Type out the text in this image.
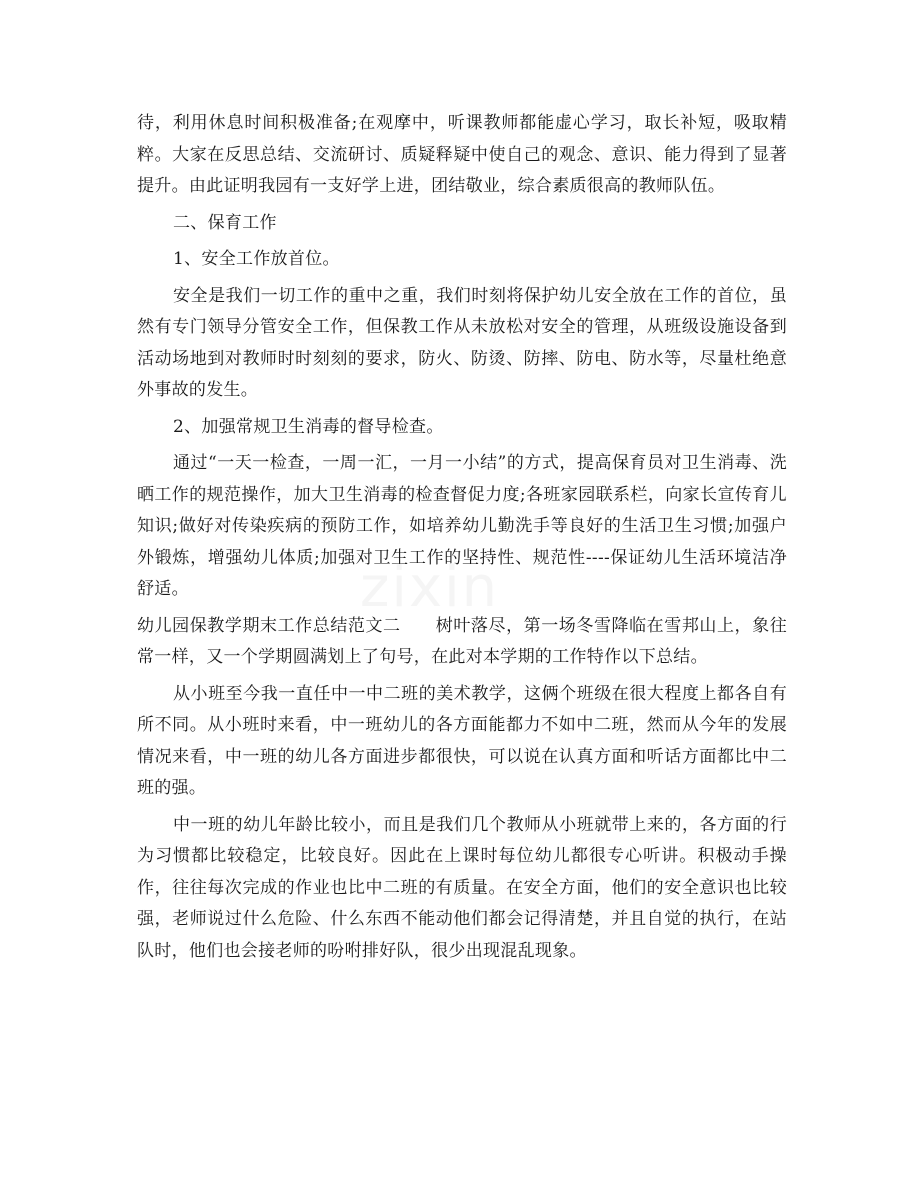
待，利用休息时间积极准备;在观摩中，听课教师都能虚心学习，取长补短，吸取精粹。大家在反思总结、交流研讨、质疑释疑中使自己的观念、意识、能力得到了显著提升。由此证明我园有一支好学上进，团结敬业，综合素质很高的教师队伍。

二、保育工作

1、安全工作放首位。

安全是我们一切工作的重中之重，我们时刻将保护幼儿安全放在工作的首位，虽然有专门领导分管安全工作，但保教工作从未放松对安全的管理，从班级设施设备到活动场地到对教师时时刻刻的要求，防火、防烫、防摔、防电、防水等，尽量杜绝意外事故的发生。

2、加强常规卫生消毒的督导检查。

通过“一天一检查，一周一汇，一月一小结”的方式，提高保育员对卫生消毒、洗晒工作的规范操作，加大卫生消毒的检查督促力度;各班家园联系栏，向家长宣传育儿知识;做好对传染疾病的预防工作，如培养幼儿勤洗手等良好的生活卫生习惯;加强户外锻炼，增强幼儿体质;加强对卫生工作的坚持性、规范性----保证幼儿生活环境洁净舒适。

幼儿园保教学期末工作总结范文二　　树叶落尽，第一场冬雪降临在雪邦山上，象往常一样，又一个学期圆满划上了句号，在此对本学期的工作特作以下总结。

从小班至今我一直任中一中二班的美术教学，这俩个班级在很大程度上都各自有所不同。从小班时来看，中一班幼儿的各方面能都力不如中二班，然而从今年的发展情况来看，中一班的幼儿各方面进步都很快，可以说在认真方面和听话方面都比中二班的强。

中一班的幼儿年龄比较小，而且是我们几个教师从小班就带上来的，各方面的行为习惯都比较稳定，比较良好。因此在上课时每位幼儿都很专心听讲。积极动手操作，往往每次完成的作业也比中二班的有质量。在安全方面，他们的安全意识也比较强，老师说过什么危险、什么东西不能动他们都会记得清楚，并且自觉的执行，在站队时，他们也会接老师的吩咐排好队，很少出现混乱现象。

zixin
